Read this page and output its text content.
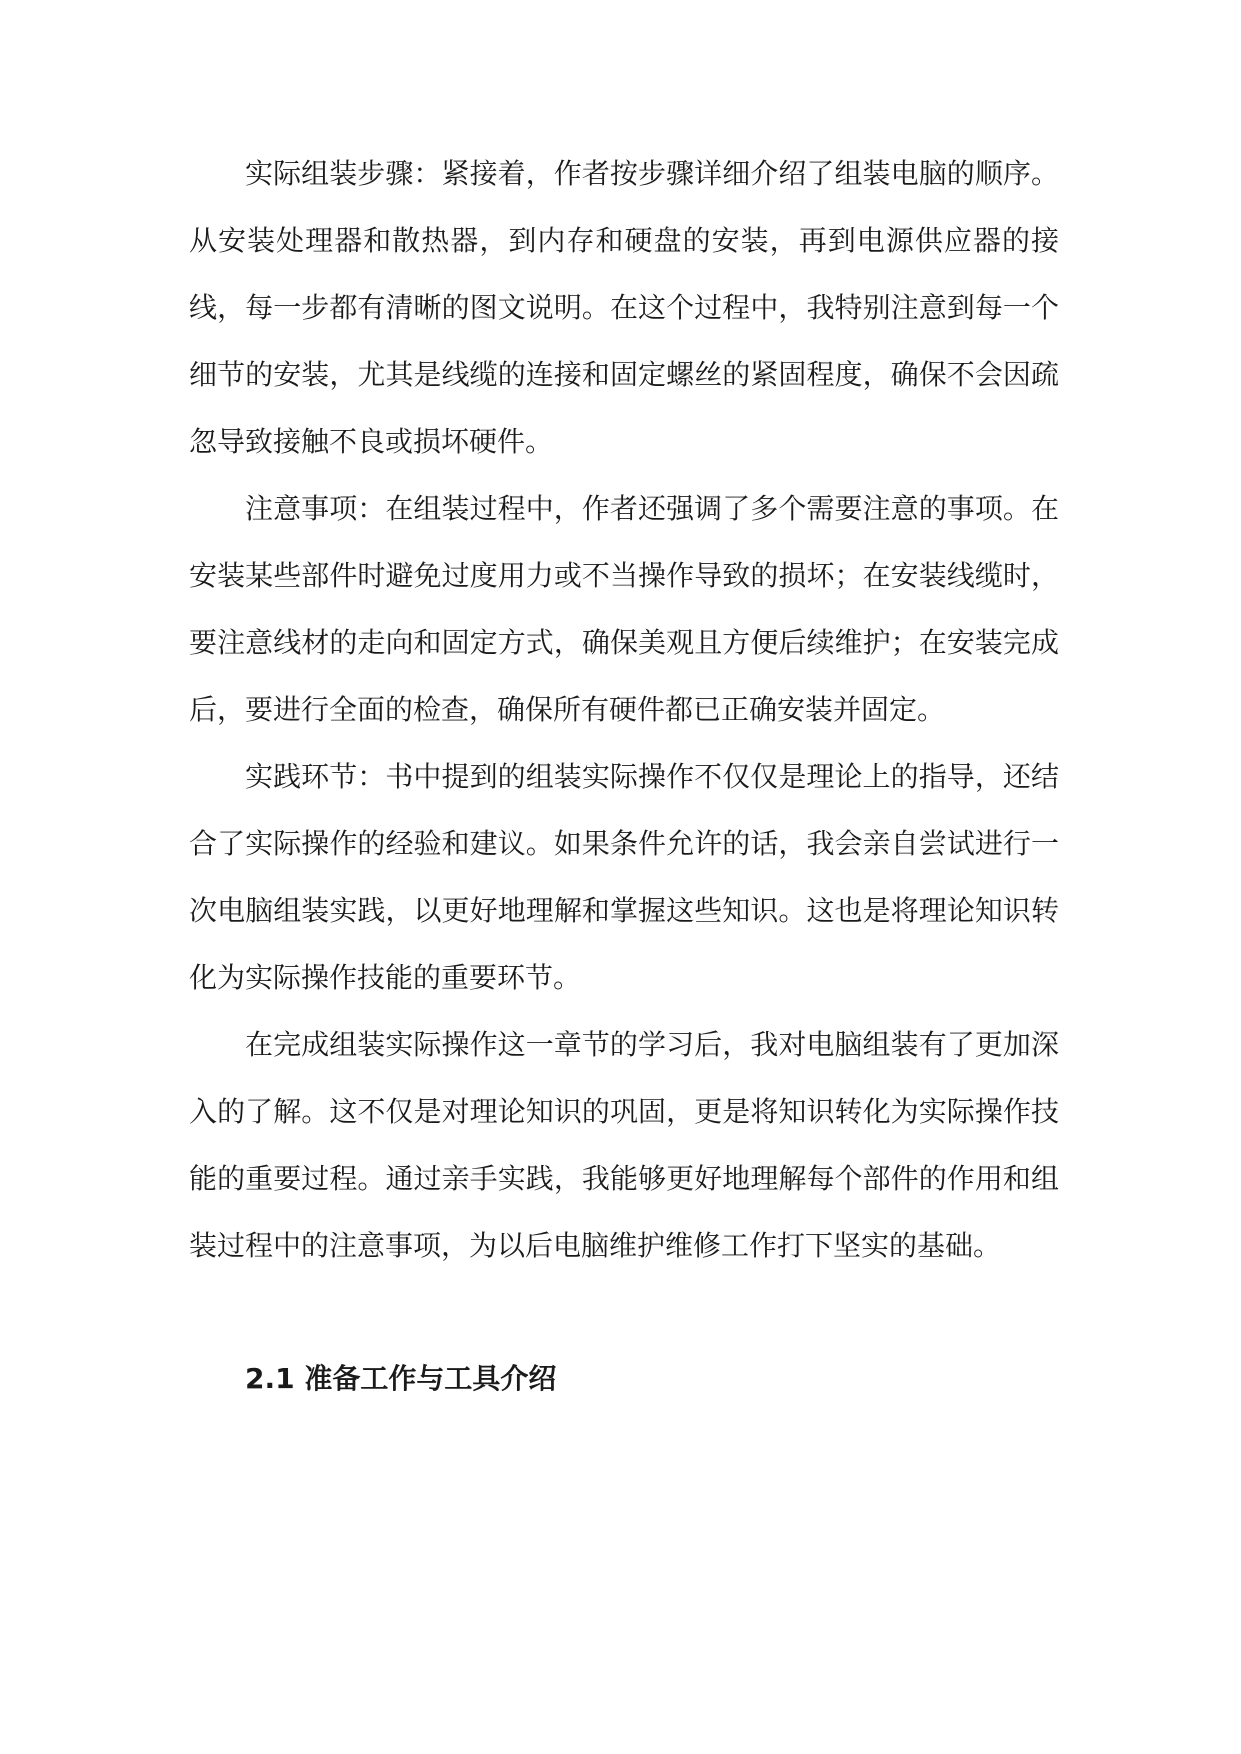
实际组装步骤：紧接着，作者按步骤详细介绍了组装电脑的顺序。从安装处理器和散热器，到内存和硬盘的安装，再到电源供应器的接线，每一步都有清晰的图文说明。在这个过程中，我特别注意到每一个细节的安装，尤其是线缆的连接和固定螺丝的紧固程度，确保不会因疏忽导致接触不良或损坏硬件。

注意事项：在组装过程中，作者还强调了多个需要注意的事项。在安装某些部件时避免过度用力或不当操作导致的损坏；在安装线缆时，要注意线材的走向和固定方式，确保美观且方便后续维护；在安装完成后，要进行全面的检查，确保所有硬件都已正确安装并固定。

实践环节：书中提到的组装实际操作不仅仅是理论上的指导，还结合了实际操作的经验和建议。如果条件允许的话，我会亲自尝试进行一次电脑组装实践，以更好地理解和掌握这些知识。这也是将理论知识转化为实际操作技能的重要环节。

在完成组装实际操作这一章节的学习后，我对电脑组装有了更加深入的了解。这不仅是对理论知识的巩固，更是将知识转化为实际操作技能的重要过程。通过亲手实践，我能够更好地理解每个部件的作用和组装过程中的注意事项，为以后电脑维护维修工作打下坚实的基础。

2.1 准备工作与工具介绍
